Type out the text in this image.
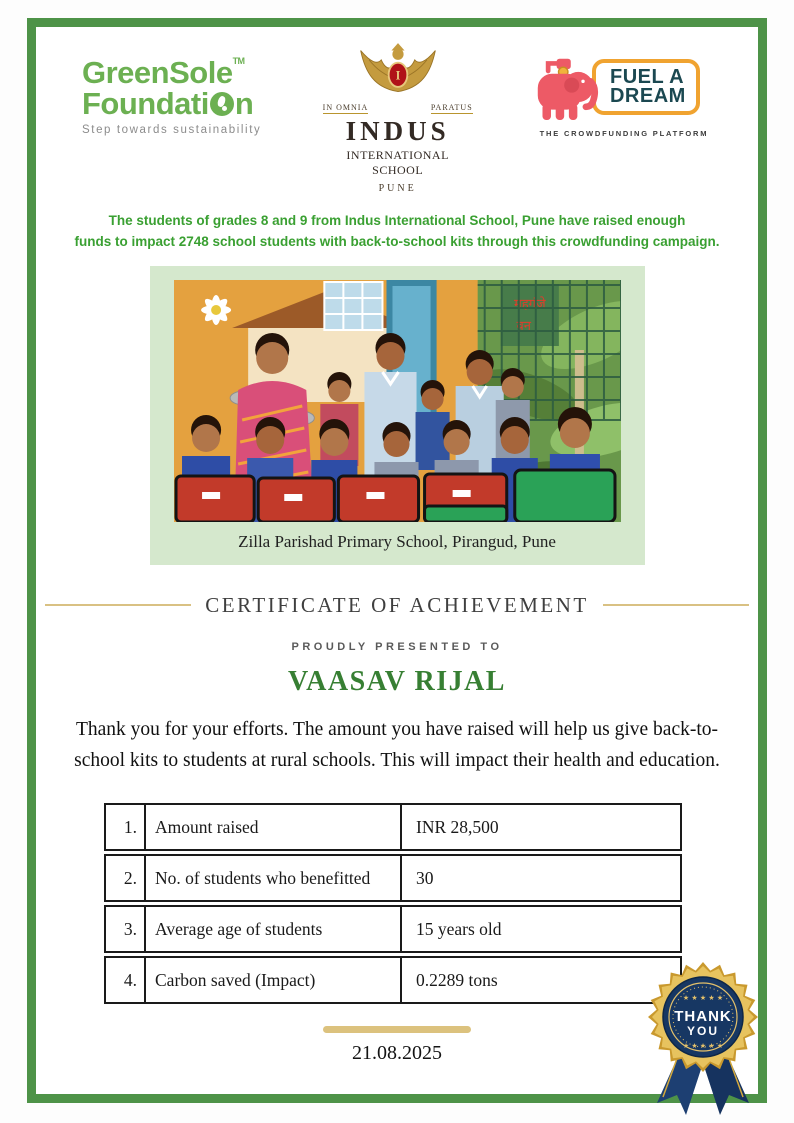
GreenSole™
Foundati n
Step towards sustainability
I
IN OMNIA	PARATUS
INDUS
INTERNATIONAL SCHOOL
PUNE
FUEL A
DREAM
THE CROWDFUNDING PLATFORM
The students of grades 8 and 9 from Indus International School, Pune have raised enough
funds to impact 2748 school students with back-to-school kits through this crowdfunding campaign.
महगंजे
वन
Zilla Parishad Primary School, Pirangud, Pune
CERTIFICATE OF ACHIEVEMENT
PROUDLY PRESENTED TO
VAASAV RIJAL
Thank you for your efforts. The amount you have raised will help us give back-to-
school kits to students at rural schools. This will impact their health and education.
1.	Amount raised	INR 28,500
2.	No. of students who benefitted	30
3.	Average age of students	15 years old
4.	Carbon saved (Impact)	0.2289 tons
21.08.2025
★ ★ ★ ★ ★
THANK
YOU
★ ★ ★ ★ ★
